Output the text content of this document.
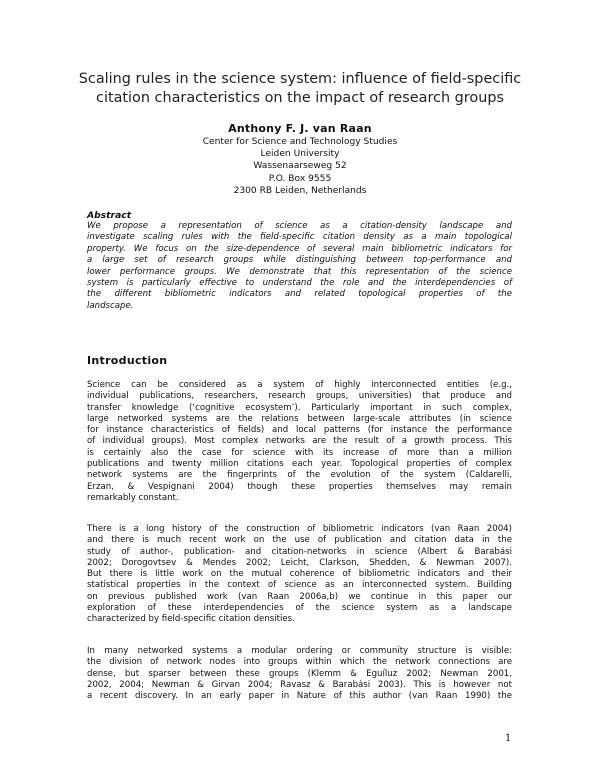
Scaling rules in the science system: influence of field-specific
citation characteristics on the impact of research groups
Anthony F. J. van Raan
Center for Science and Technology Studies
Leiden University
Wassenaarseweg 52
P.O. Box 9555
2300 RB Leiden, Netherlands
Abstract
We propose a representation of science as a citation-density landscape and
investigate scaling rules with the field-specific citation density as a main topological
property. We focus on the size-dependence of several main bibliometric indicators for
a large set of research groups while distinguishing between top-performance and
lower performance groups. We demonstrate that this representation of the science
system is particularly effective to understand the role and the interdependencies of
the different bibliometric indicators and related topological properties of the
landscape.
Introduction
Science can be considered as a system of highly interconnected entities (e.g.,
individual publications, researchers, research groups, universities) that produce and
transfer knowledge (‘cognitive ecosystem’). Particularly important in such complex,
large networked systems are the relations between large-scale attributes (in science
for instance characteristics of fields) and local patterns (for instance the performance
of individual groups). Most complex networks are the result of a growth process. This
is certainly also the case for science with its increase of more than a million
publications and twenty million citations each year. Topological properties of complex
network systems are the fingerprints of the evolution of the system (Caldarelli,
Erzan, & Vespignani 2004) though these properties themselves may remain
remarkably constant.
There is a long history of the construction of bibliometric indicators (van Raan 2004)
and there is much recent work on the use of publication and citation data in the
study of author-, publication- and citation-networks in science (Albert & Barabási
2002; Dorogovtsev & Mendes 2002; Leicht, Clarkson, Shedden, & Newman 2007).
But there is little work on the mutual coherence of bibliometric indicators and their
statistical properties in the context of science as an interconnected system. Building
on previous published work (van Raan 2006a,b) we continue in this paper our
exploration of these interdependencies of the science system as a landscape
characterized by field-specific citation densities.
In many networked systems a modular ordering or community structure is visible:
the division of network nodes into groups within which the network connections are
dense, but sparser between these groups (Klemm & Eguíluz 2002; Newman 2001,
2002, 2004; Newman & Girvan 2004; Ravasz & Barabási 2003). This is however not
a recent discovery. In an early paper in Nature of this author (van Raan 1990) the
1
